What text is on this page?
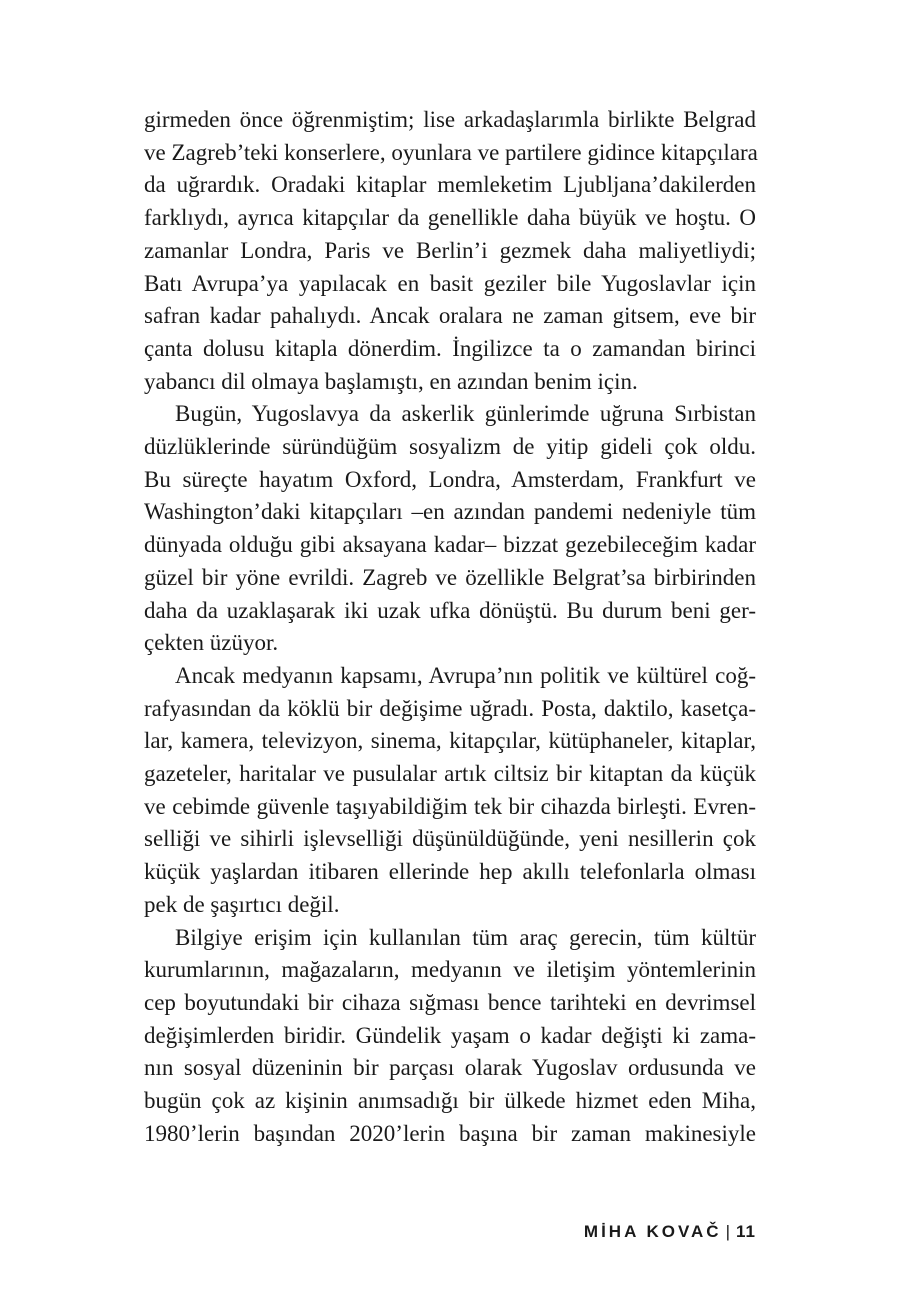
girmeden önce öğrenmiştim; lise arkadaşlarımla birlikte Belgrad
ve Zagreb’teki konserlere, oyunlara ve partilere gidince kitapçılara
da uğrardık. Oradaki kitaplar memleketim Ljubljana’dakilerden
farklıydı, ayrıca kitapçılar da genellikle daha büyük ve hoştu. O
zamanlar Londra, Paris ve Berlin’i gezmek daha maliyetliydi;
Batı Avrupa’ya yapılacak en basit geziler bile Yugoslavlar için
safran kadar pahalıydı. Ancak oralara ne zaman gitsem, eve bir
çanta dolusu kitapla dönerdim. İngilizce ta o zamandan birinci
yabancı dil olmaya başlamıştı, en azından benim için.

Bugün, Yugoslavya da askerlik günlerimde uğruna Sırbistan
düzlüklerinde süründüğüm sosyalizm de yitip gideli çok oldu.
Bu süreçte hayatım Oxford, Londra, Amsterdam, Frankfurt ve
Washington’daki kitapçıları –en azından pandemi nedeniyle tüm
dünyada olduğu gibi aksayana kadar– bizzat gezebileceğim kadar
güzel bir yöne evrildi. Zagreb ve özellikle Belgrat’sa birbirinden
daha da uzaklaşarak iki uzak ufka dönüştü. Bu durum beni ger-
çekten üzüyor.

Ancak medyanın kapsamı, Avrupa’nın politik ve kültürel coğ-
rafyasından da köklü bir değişime uğradı. Posta, daktilo, kasetça-
lar, kamera, televizyon, sinema, kitapçılar, kütüphaneler, kitaplar,
gazeteler, haritalar ve pusulalar artık ciltsiz bir kitaptan da küçük
ve cebimde güvenle taşıyabildiğim tek bir cihazda birleşti. Evren-
selliği ve sihirli işlevselliği düşünüldüğünde, yeni nesillerin çok
küçük yaşlardan itibaren ellerinde hep akıllı telefonlarla olması
pek de şaşırtıcı değil.

Bilgiye erişim için kullanılan tüm araç gerecin, tüm kültür
kurumlarının, mağazaların, medyanın ve iletişim yöntemlerinin
cep boyutundaki bir cihaza sığması bence tarihteki en devrimsel
değişimlerden biridir. Gündelik yaşam o kadar değişti ki zama-
nın sosyal düzeninin bir parçası olarak Yugoslav ordusunda ve
bugün çok az kişinin anımsadığı bir ülkede hizmet eden Miha,
1980’lerin başından 2020’lerin başına bir zaman makinesiyle

MİHA KOVAČ | 11
